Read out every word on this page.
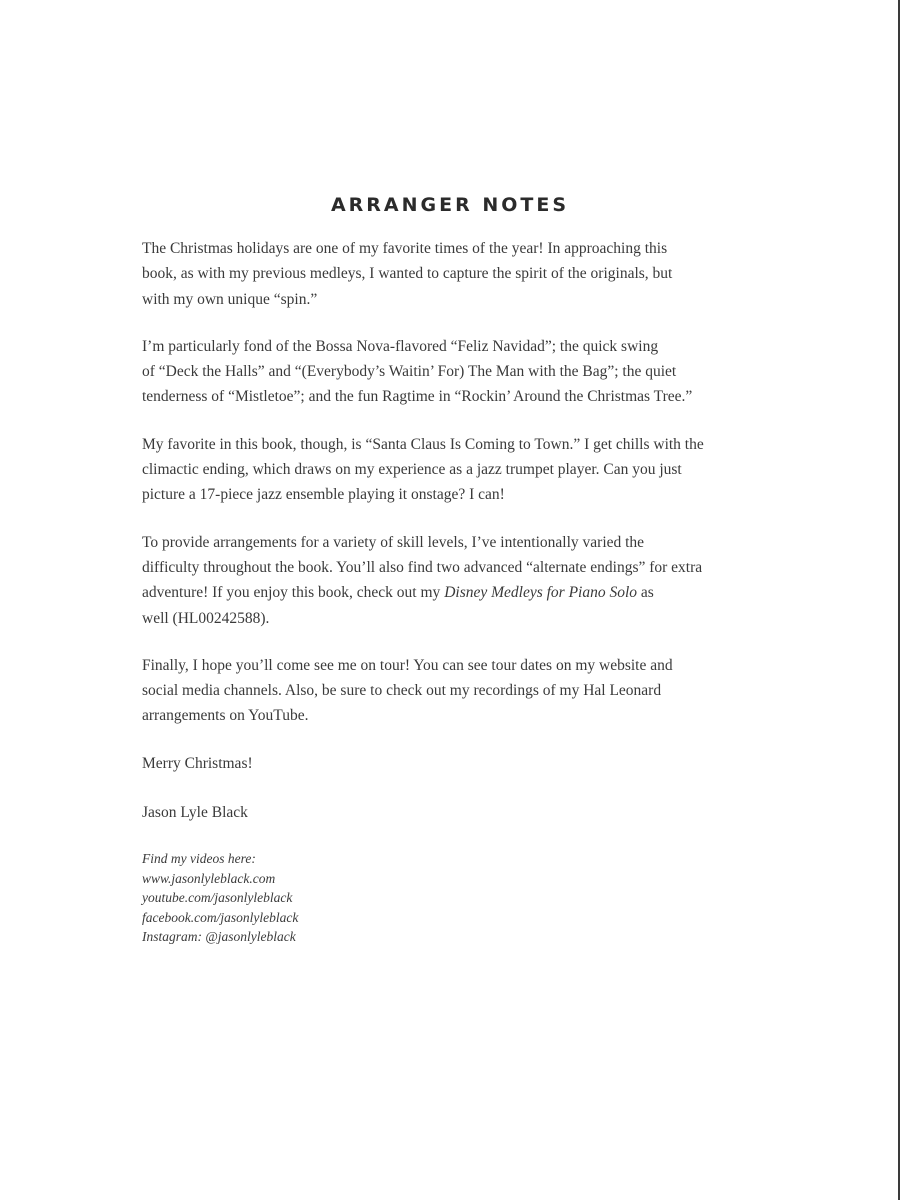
ARRANGER NOTES

The Christmas holidays are one of my favorite times of the year! In approaching this
book, as with my previous medleys, I wanted to capture the spirit of the originals, but
with my own unique “spin.”

I’m particularly fond of the Bossa Nova-flavored “Feliz Navidad”; the quick swing
of “Deck the Halls” and “(Everybody’s Waitin’ For) The Man with the Bag”; the quiet
tenderness of “Mistletoe”; and the fun Ragtime in “Rockin’ Around the Christmas Tree.”

My favorite in this book, though, is “Santa Claus Is Coming to Town.” I get chills with the
climactic ending, which draws on my experience as a jazz trumpet player. Can you just
picture a 17-piece jazz ensemble playing it onstage? I can!

To provide arrangements for a variety of skill levels, I’ve intentionally varied the
difficulty throughout the book. You’ll also find two advanced “alternate endings” for extra
adventure! If you enjoy this book, check out my Disney Medleys for Piano Solo as
well (HL00242588).

Finally, I hope you’ll come see me on tour! You can see tour dates on my website and
social media channels. Also, be sure to check out my recordings of my Hal Leonard
arrangements on YouTube.

Merry Christmas!

Jason Lyle Black

Find my videos here:
www.jasonlyleblack.com
youtube.com/jasonlyleblack
facebook.com/jasonlyleblack
Instagram: @jasonlyleblack
